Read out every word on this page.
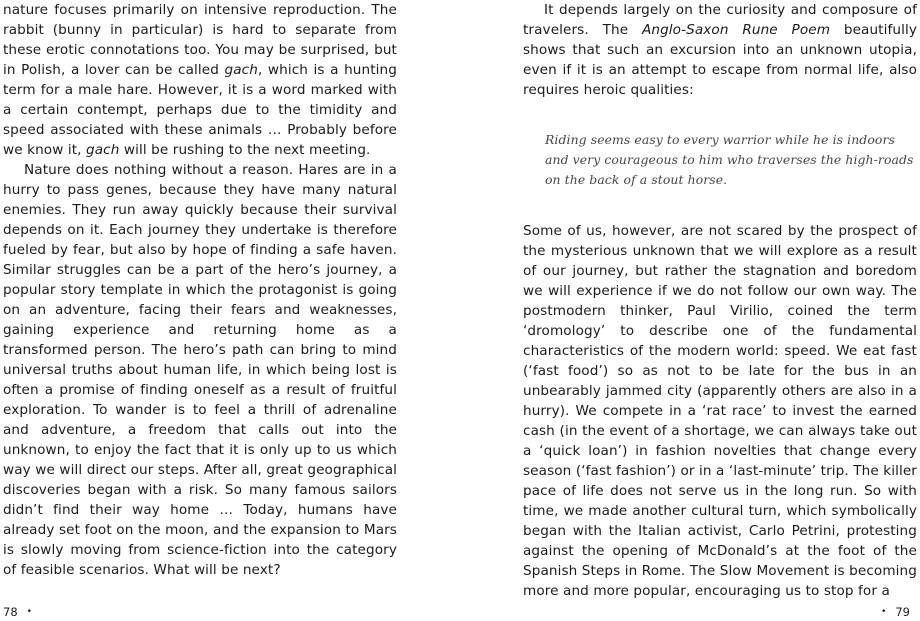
nature focuses primarily on intensive reproduction. The rabbit (bunny in particular) is hard to separate from these erotic connotations too. You may be surprised, but in Polish, a lover can be called gach, which is a hunting term for a male hare. However, it is a word marked with a certain contempt, perhaps due to the timidity and speed associated with these animals … Probably before we know it, gach will be rushing to the next meeting.

Nature does nothing without a reason. Hares are in a hurry to pass genes, because they have many natural enemies. They run away quickly because their survival depends on it. Each journey they undertake is therefore fueled by fear, but also by hope of finding a safe haven. Similar struggles can be a part of the hero’s journey, a popular story template in which the protagonist is going on an adventure, facing their fears and weaknesses, gaining experience and returning home as a transformed person. The hero’s path can bring to mind universal truths about human life, in which being lost is often a promise of finding oneself as a result of fruitful exploration. To wander is to feel a thrill of adrenaline and adventure, a freedom that calls out into the unknown, to enjoy the fact that it is only up to us which way we will direct our steps. After all, great geographical discoveries began with a risk. So many famous sailors didn’t find their way home … Today, humans have already set foot on the moon, and the expansion to Mars is slowly moving from science-fiction into the category of feasible scenarios. What will be next?

It depends largely on the curiosity and composure of travelers. The Anglo-Saxon Rune Poem beautifully shows that such an excursion into an unknown utopia, even if it is an attempt to escape from normal life, also requires heroic qualities:

Riding seems easy to every warrior while he is indoors
and very courageous to him who traverses the high-roads
on the back of a stout horse.

Some of us, however, are not scared by the prospect of the mysterious unknown that we will explore as a result of our journey, but rather the stagnation and boredom we will experience if we do not follow our own way. The postmodern thinker, Paul Virilio, coined the term ‘dromology’ to describe one of the fundamental characteristics of the modern world: speed. We eat fast (‘fast food’) so as not to be late for the bus in an unbearably jammed city (apparently others are also in a hurry). We compete in a ‘rat race’ to invest the earned cash (in the event of a shortage, we can always take out a ‘quick loan’) in fashion novelties that change every season (‘fast fashion’) or in a ‘last-minute’ trip. The killer pace of life does not serve us in the long run. So with time, we made another cultural turn, which symbolically began with the Italian activist, Carlo Petrini, protesting against the opening of McDonald’s at the foot of the Spanish Steps in Rome. The Slow Movement is becoming more and more popular, encouraging us to stop for a

78 •	• 79
